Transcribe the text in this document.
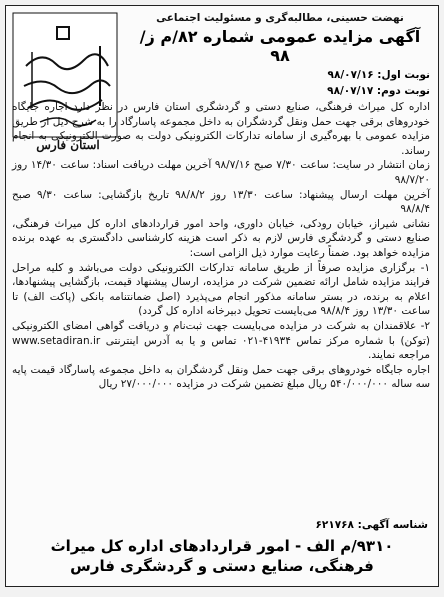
استان فارس
نهضت حسینی، مطالبه‌گری و مسئولیت اجتماعی
آگهی مزایده عمومی شماره ۸۲/م ز/۹۸
نوبت اول: ۹۸/۰۷/۱۶
نوبت دوم: ۹۸/۰۷/۱۷

اداره کل میراث فرهنگی، صنایع دستی و گردشگری استان فارس در نظر دارد اجاره جایگاه خودروهای برقی جهت حمل ونقل گردشگران به داخل مجموعه پاسارگاد را به شرح ذیل از طریق مزایده عمومی با بهره‌گیری از سامانه تدارکات الکترونیکی دولت به صورت الکترونیکی به انجام رساند.

زمان انتشار در سایت: ساعت ۷/۳۰ صبح ۹۸/۷/۱۶ آخرین مهلت دریافت اسناد: ساعت ۱۴/۳۰ روز ۹۸/۷/۲۰

آخرین مهلت ارسال پیشنهاد: ساعت ۱۳/۳۰ روز ۹۸/۸/۲ تاریخ بازگشایی: ساعت ۹/۳۰ صبح ۹۸/۸/۴

نشانی شیراز، خیابان رودکی، خیابان داوری، واحد امور قراردادهای اداره کل میراث فرهنگی، صنایع دستی و گردشگری فارس لازم به ذکر است هزینه کارشناسی دادگستری به عهده برنده مزایده خواهد بود. ضمناً رعایت موارد ذیل الزامی است:

۱- برگزاری مزایده صرفاً از طریق سامانه تدارکات الکترونیکی دولت می‌باشد و کلیه مراحل فرایند مزایده شامل ارائه تضمین شرکت در مزایده، ارسال پیشنهاد قیمت، بازگشایی پیشنهادها، اعلام به برنده، در بستر سامانه مذکور انجام می‌پذیرد (اصل ضمانتنامه بانکی (پاکت الف) تا ساعت ۱۳/۳۰ روز ۹۸/۸/۴ می‌بایست تحویل دبیرخانه اداره کل گردد)

۲- علاقمندان به شرکت در مزایده می‌بایست جهت ثبت‌نام و دریافت گواهی امضای الکترونیکی (توکن) با شماره مرکز تماس ۴۱۹۳۴-۰۲۱ تماس و یا به آدرس اینترنتی www.setadiran.ir مراجعه نمایند.

اجاره جایگاه خودروهای برقی جهت حمل ونقل گردشگران به داخل مجموعه پاسارگاد قیمت پایه سه ساله ۵۴۰/۰۰۰/۰۰۰ ریال مبلغ تضمین شرکت در مزایده ۲۷/۰۰۰/۰۰۰ ریال

شناسه آگهی: ۶۲۱۷۶۸
۹۳۱۰/م الف - امور قراردادهای اداره کل میراث فرهنگی، صنایع دستی و گردشگری فارس
